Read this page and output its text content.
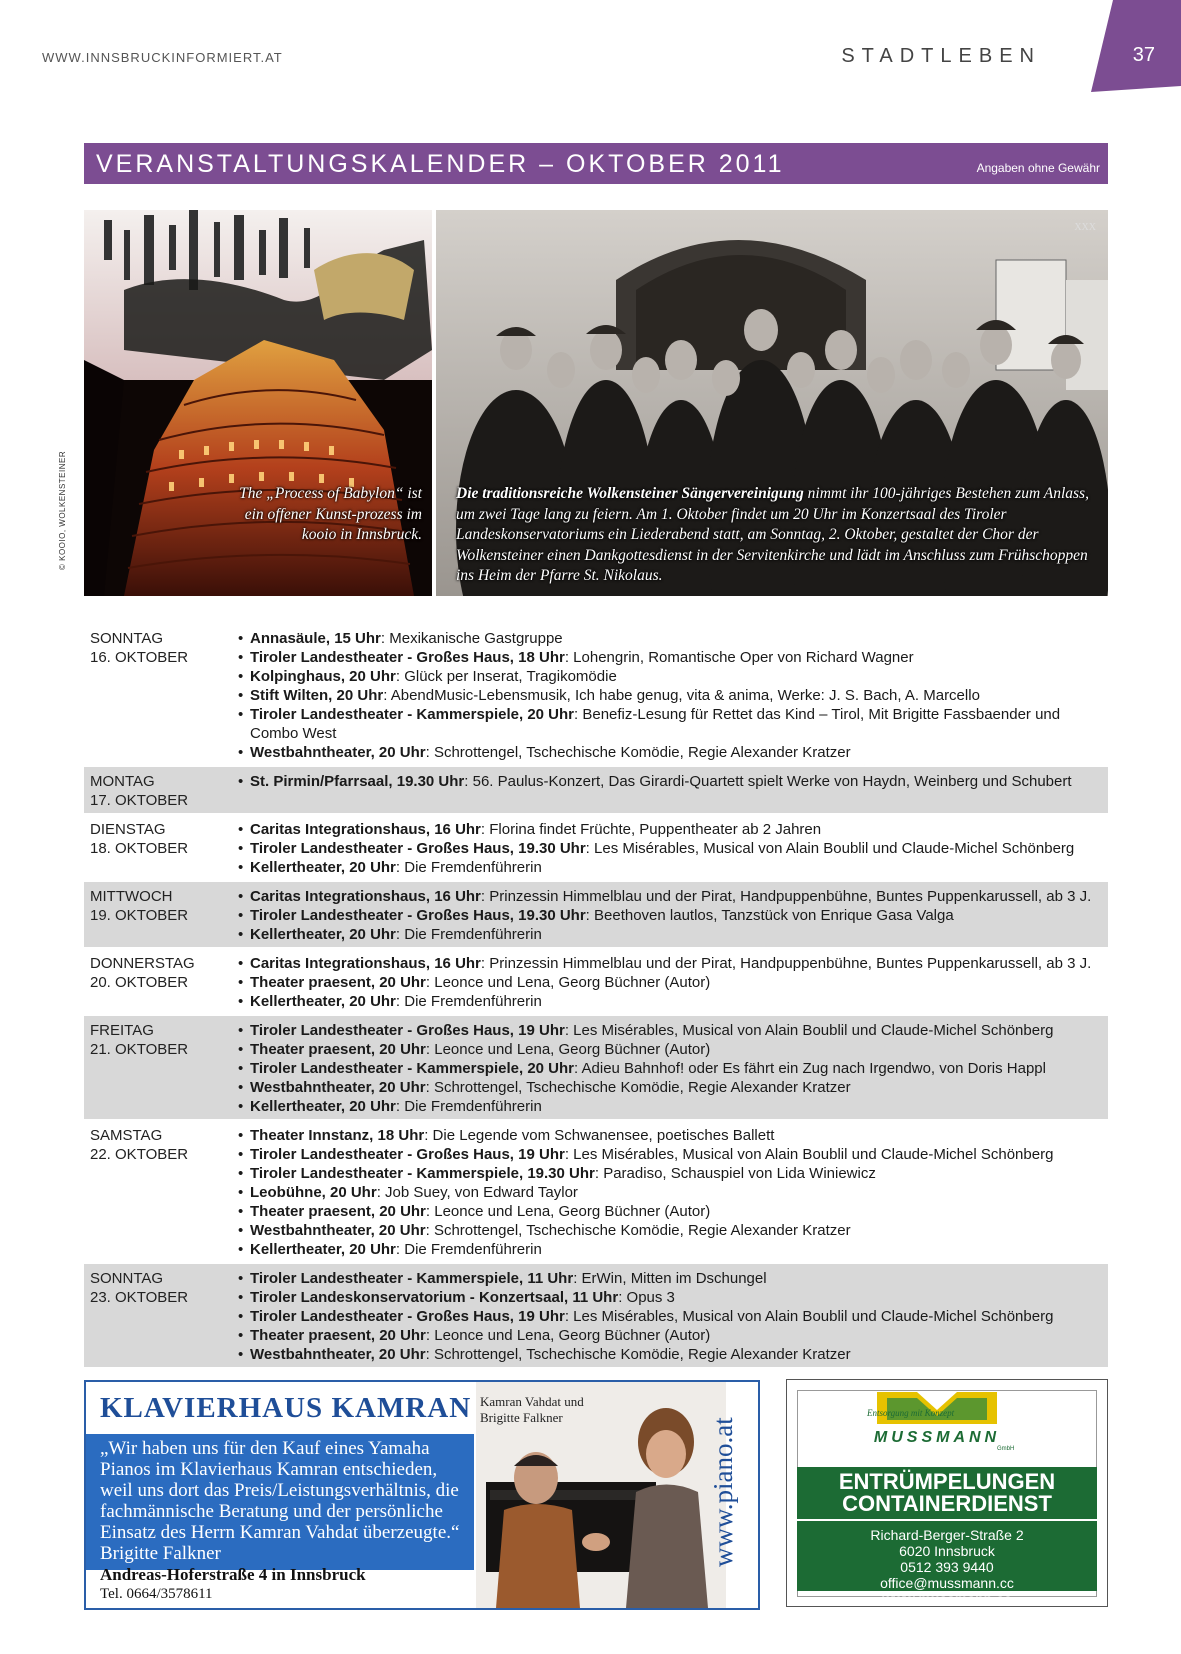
WWW.INNSBRUCKINFORMIERT.AT	STADTLEBEN	37
VERANSTALTUNGSKALENDER – OKTOBER 2011	Angaben ohne Gewähr
© KOOIO, WOLKENSTEINER	The „Process of Babylon“ ist ein offener Kunst-prozess im kooio in Innsbruck.
XXX
Die traditionsreiche Wolkensteiner Sängervereinigung nimmt ihr 100-jähriges Bestehen zum Anlass, um zwei Tage lang zu feiern. Am 1. Oktober findet um 20 Uhr im Konzertsaal des Tiroler Landeskonservatoriums ein Liederabend statt, am Sonntag, 2. Oktober, gestaltet der Chor der Wolkensteiner einen Dankgottesdienst in der Servitenkirche und lädt im Anschluss zum Frühschoppen ins Heim der Pfarre St. Nikolaus.
SONNTAG
16. OKTOBER
• Annasäule, 15 Uhr: Mexikanische Gastgruppe
• Tiroler Landestheater - Großes Haus, 18 Uhr: Lohengrin, Romantische Oper von Richard Wagner
• Kolpinghaus, 20 Uhr: Glück per Inserat, Tragikomödie
• Stift Wilten, 20 Uhr: AbendMusic-Lebensmusik, Ich habe genug, vita & anima, Werke: J. S. Bach, A. Marcello
• Tiroler Landestheater - Kammerspiele, 20 Uhr: Benefiz-Lesung für Rettet das Kind – Tirol, Mit Brigitte Fassbaender und Combo West
• Westbahntheater, 20 Uhr: Schrottengel, Tschechische Komödie, Regie Alexander Kratzer
MONTAG
17. OKTOBER
• St. Pirmin/Pfarrsaal, 19.30 Uhr: 56. Paulus-Konzert, Das Girardi-Quartett spielt Werke von Haydn, Weinberg und Schubert
DIENSTAG
18. OKTOBER
• Caritas Integrationshaus, 16 Uhr: Florina findet Früchte, Puppentheater ab 2 Jahren
• Tiroler Landestheater - Großes Haus, 19.30 Uhr: Les Misérables, Musical von Alain Boublil und Claude-Michel Schönberg
• Kellertheater, 20 Uhr: Die Fremdenführerin
MITTWOCH
19. OKTOBER
• Caritas Integrationshaus, 16 Uhr: Prinzessin Himmelblau und der Pirat, Handpuppenbühne, Buntes Puppenkarussell, ab 3 J.
• Tiroler Landestheater - Großes Haus, 19.30 Uhr: Beethoven lautlos, Tanzstück von Enrique Gasa Valga
• Kellertheater, 20 Uhr: Die Fremdenführerin
DONNERSTAG
20. OKTOBER
• Caritas Integrationshaus, 16 Uhr: Prinzessin Himmelblau und der Pirat, Handpuppenbühne, Buntes Puppenkarussell, ab 3 J.
• Theater praesent, 20 Uhr: Leonce und Lena, Georg Büchner (Autor)
• Kellertheater, 20 Uhr: Die Fremdenführerin
FREITAG
21. OKTOBER
• Tiroler Landestheater - Großes Haus, 19 Uhr: Les Misérables, Musical von Alain Boublil und Claude-Michel Schönberg
• Theater praesent, 20 Uhr: Leonce und Lena, Georg Büchner (Autor)
• Tiroler Landestheater - Kammerspiele, 20 Uhr: Adieu Bahnhof! oder Es fährt ein Zug nach Irgendwo, von Doris Happl
• Westbahntheater, 20 Uhr: Schrottengel, Tschechische Komödie, Regie Alexander Kratzer
• Kellertheater, 20 Uhr: Die Fremdenführerin
SAMSTAG
22. OKTOBER
• Theater Innstanz, 18 Uhr: Die Legende vom Schwanensee, poetisches Ballett
• Tiroler Landestheater - Großes Haus, 19 Uhr: Les Misérables, Musical von Alain Boublil und Claude-Michel Schönberg
• Tiroler Landestheater - Kammerspiele, 19.30 Uhr: Paradiso, Schauspiel von Lida Winiewicz
• Leobühne, 20 Uhr: Job Suey, von Edward Taylor
• Theater praesent, 20 Uhr: Leonce und Lena, Georg Büchner (Autor)
• Westbahntheater, 20 Uhr: Schrottengel, Tschechische Komödie, Regie Alexander Kratzer
• Kellertheater, 20 Uhr: Die Fremdenführerin
SONNTAG
23. OKTOBER
• Tiroler Landestheater - Kammerspiele, 11 Uhr: ErWin, Mitten im Dschungel
• Tiroler Landeskonservatorium - Konzertsaal, 11 Uhr: Opus 3
• Tiroler Landestheater - Großes Haus, 19 Uhr: Les Misérables, Musical von Alain Boublil und Claude-Michel Schönberg
• Theater praesent, 20 Uhr: Leonce und Lena, Georg Büchner (Autor)
• Westbahntheater, 20 Uhr: Schrottengel, Tschechische Komödie, Regie Alexander Kratzer
KLAVIERHAUS KAMRAN
„Wir haben uns für den Kauf eines Yamaha Pianos im Klavierhaus Kamran entschieden, weil uns dort das Preis/Leistungsverhältnis, die fachmännische Beratung und der persönliche Einsatz des Herrn Kamran Vahdat überzeugte.“ Brigitte Falkner
Andreas-Hoferstraße 4 in Innsbruck
Tel. 0664/3578611
Kamran Vahdat und Brigitte Falkner	www.piano.at
Entsorgung mit Konzept
MUSSMANN
GmbH
ENTRÜMPELUNGEN
CONTAINERDIENST
Richard-Berger-Straße 2
6020 Innsbruck
0512 393 9440
office@mussmann.cc
www.mussmann.cc
